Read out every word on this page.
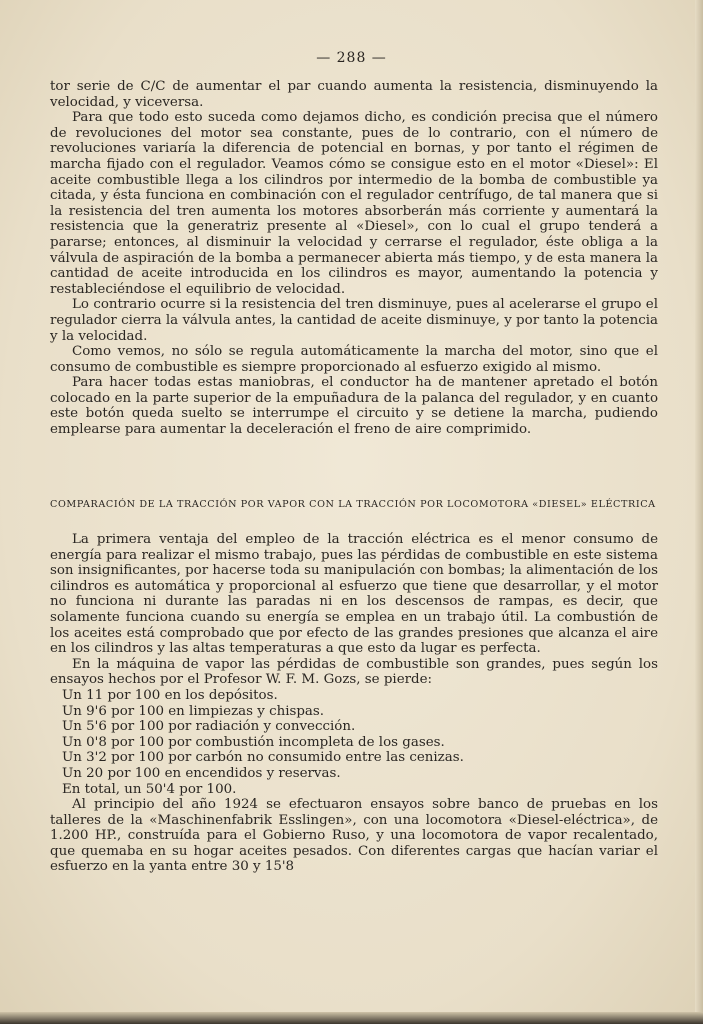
— 288 —

tor serie de C/C de aumentar el par cuando aumenta la resistencia, disminuyendo la velocidad, y viceversa.

Para que todo esto suceda como dejamos dicho, es condición precisa que el número de revoluciones del motor sea constante, pues de lo contrario, con el número de revoluciones variaría la diferencia de potencial en bornas, y por tanto el régimen de marcha fijado con el regulador. Veamos cómo se consigue esto en el motor «Diesel»: El aceite combustible llega a los cilindros por intermedio de la bomba de combustible ya citada, y ésta funciona en combinación con el regulador centrífugo, de tal manera que si la resistencia del tren aumenta los motores absorberán más corriente y aumentará la resistencia que la generatriz presente al «Diesel», con lo cual el grupo tenderá a pararse; entonces, al disminuir la velocidad y cerrarse el regulador, éste obliga a la válvula de aspiración de la bomba a permanecer abierta más tiempo, y de esta manera la cantidad de aceite introducida en los cilindros es mayor, aumentando la potencia y restableciéndose el equilibrio de velocidad.

Lo contrario ocurre si la resistencia del tren disminuye, pues al acelerarse el grupo el regulador cierra la válvula antes, la cantidad de aceite disminuye, y por tanto la potencia y la velocidad.

Como vemos, no sólo se regula automáticamente la marcha del motor, sino que el consumo de combustible es siempre proporcionado al esfuerzo exigido al mismo.

Para hacer todas estas maniobras, el conductor ha de mantener apretado el botón colocado en la parte superior de la empuñadura de la palanca del regulador, y en cuanto este botón queda suelto se interrumpe el circuito y se detiene la marcha, pudiendo emplearse para aumentar la deceleración el freno de aire comprimido.

COMPARACIÓN DE LA TRACCIÓN POR VAPOR CON LA TRACCIÓN POR LOCOMOTORA «DIESEL» ELÉCTRICA

La primera ventaja del empleo de la tracción eléctrica es el menor consumo de energía para realizar el mismo trabajo, pues las pérdidas de combustible en este sistema son insignificantes, por hacerse toda su manipulación con bombas; la alimentación de los cilindros es automática y proporcional al esfuerzo que tiene que desarrollar, y el motor no funciona ni durante las paradas ni en los descensos de rampas, es decir, que solamente funciona cuando su energía se emplea en un trabajo útil. La combustión de los aceites está comprobado que por efecto de las grandes presiones que alcanza el aire en los cilindros y las altas temperaturas a que esto da lugar es perfecta.

En la máquina de vapor las pérdidas de combustible son grandes, pues según los ensayos hechos por el Profesor W. F. M. Gozs, se pierde:

Un 11 por 100 en los depósitos.
Un 9'6 por 100 en limpiezas y chispas.
Un 5'6 por 100 por radiación y convección.
Un 0'8 por 100 por combustión incompleta de los gases.
Un 3'2 por 100 por carbón no consumido entre las cenizas.
Un 20 por 100 en encendidos y reservas.
En total, un 50'4 por 100.

Al principio del año 1924 se efectuaron ensayos sobre banco de pruebas en los talleres de la «Maschinenfabrik Esslingen», con una locomotora «Diesel-eléctrica», de 1.200 HP., construída para el Gobierno Ruso, y una locomotora de vapor recalentado, que quemaba en su hogar aceites pesados. Con diferentes cargas que hacían variar el esfuerzo en la yanta entre 30 y 15'8
